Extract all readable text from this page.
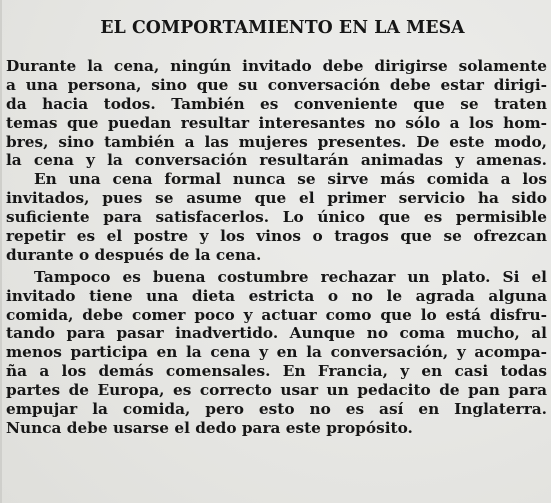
EL COMPORTAMIENTO EN LA MESA
Durante la cena, ningún invitado debe dirigirse solamente
a una persona, sino que su conversación debe estar dirigi-
da hacia todos. También es conveniente que se traten
temas que puedan resultar interesantes no sólo a los hom-
bres, sino también a las mujeres presentes. De este modo,
la cena y la conversación resultarán animadas y amenas.
En una cena formal nunca se sirve más comida a los
invitados, pues se asume que el primer servicio ha sido
suficiente para satisfacerlos. Lo único que es permisible
repetir es el postre y los vinos o tragos que se ofrezcan
durante o después de la cena.
Tampoco es buena costumbre rechazar un plato. Si el
invitado tiene una dieta estricta o no le agrada alguna
comida, debe comer poco y actuar como que lo está disfru-
tando para pasar inadvertido. Aunque no coma mucho, al
menos participa en la cena y en la conversación, y acompa-
ña a los demás comensales. En Francia, y en casi todas
partes de Europa, es correcto usar un pedacito de pan para
empujar la comida, pero esto no es así en Inglaterra.
Nunca debe usarse el dedo para este propósito.
